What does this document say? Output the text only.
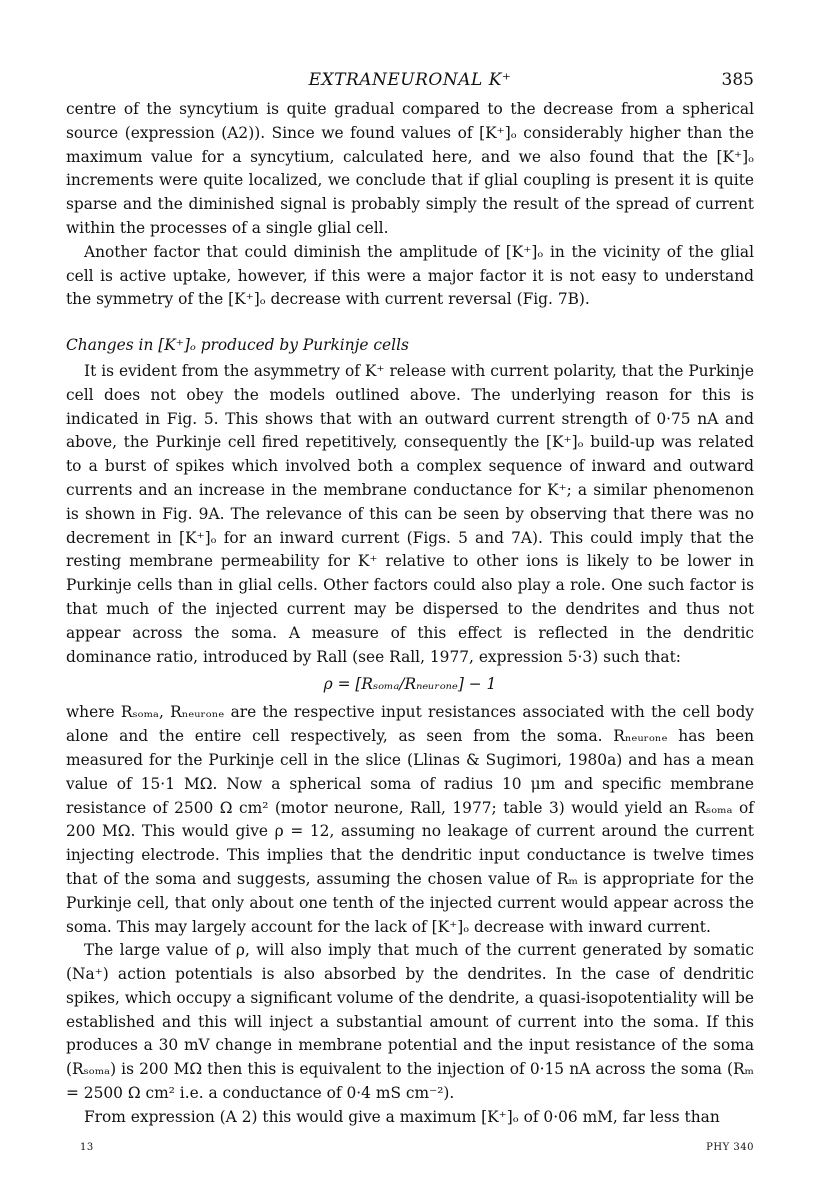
EXTRANEURONAL K⁺	385

centre of the syncytium is quite gradual compared to the decrease from a spherical source (expression (A2)). Since we found values of [K⁺]ₒ considerably higher than the maximum value for a syncytium, calculated here, and we also found that the [K⁺]ₒ increments were quite localized, we conclude that if glial coupling is present it is quite sparse and the diminished signal is probably simply the result of the spread of current within the processes of a single glial cell.

Another factor that could diminish the amplitude of [K⁺]ₒ in the vicinity of the glial cell is active uptake, however, if this were a major factor it is not easy to understand the symmetry of the [K⁺]ₒ decrease with current reversal (Fig. 7B).

Changes in [K⁺]ₒ produced by Purkinje cells

It is evident from the asymmetry of K⁺ release with current polarity, that the Purkinje cell does not obey the models outlined above. The underlying reason for this is indicated in Fig. 5. This shows that with an outward current strength of 0·75 nA and above, the Purkinje cell fired repetitively, consequently the [K⁺]ₒ build-up was related to a burst of spikes which involved both a complex sequence of inward and outward currents and an increase in the membrane conductance for K⁺; a similar phenomenon is shown in Fig. 9A. The relevance of this can be seen by observing that there was no decrement in [K⁺]ₒ for an inward current (Figs. 5 and 7A). This could imply that the resting membrane permeability for K⁺ relative to other ions is likely to be lower in Purkinje cells than in glial cells. Other factors could also play a role. One such factor is that much of the injected current may be dispersed to the dendrites and thus not appear across the soma. A measure of this effect is reflected in the dendritic dominance ratio, introduced by Rall (see Rall, 1977, expression 5·3) such that:

ρ = [Rₛₒₘₐ/Rₙₑᵤᵣₒₙₑ] − 1

where Rₛₒₘₐ, Rₙₑᵤᵣₒₙₑ are the respective input resistances associated with the cell body alone and the entire cell respectively, as seen from the soma. Rₙₑᵤᵣₒₙₑ has been measured for the Purkinje cell in the slice (Llinas & Sugimori, 1980a) and has a mean value of 15·1 MΩ. Now a spherical soma of radius 10 μm and specific membrane resistance of 2500 Ω cm² (motor neurone, Rall, 1977; table 3) would yield an Rₛₒₘₐ of 200 MΩ. This would give ρ = 12, assuming no leakage of current around the current injecting electrode. This implies that the dendritic input conductance is twelve times that of the soma and suggests, assuming the chosen value of Rₘ is appropriate for the Purkinje cell, that only about one tenth of the injected current would appear across the soma. This may largely account for the lack of [K⁺]ₒ decrease with inward current.

The large value of ρ, will also imply that much of the current generated by somatic (Na⁺) action potentials is also absorbed by the dendrites. In the case of dendritic spikes, which occupy a significant volume of the dendrite, a quasi-isopotentiality will be established and this will inject a substantial amount of current into the soma. If this produces a 30 mV change in membrane potential and the input resistance of the soma (Rₛₒₘₐ) is 200 MΩ then this is equivalent to the injection of 0·15 nA across the soma (Rₘ = 2500 Ω cm² i.e. a conductance of 0·4 mS cm⁻²).

From expression (A 2) this would give a maximum [K⁺]ₒ of 0·06 mM, far less than

13	PHY 340
